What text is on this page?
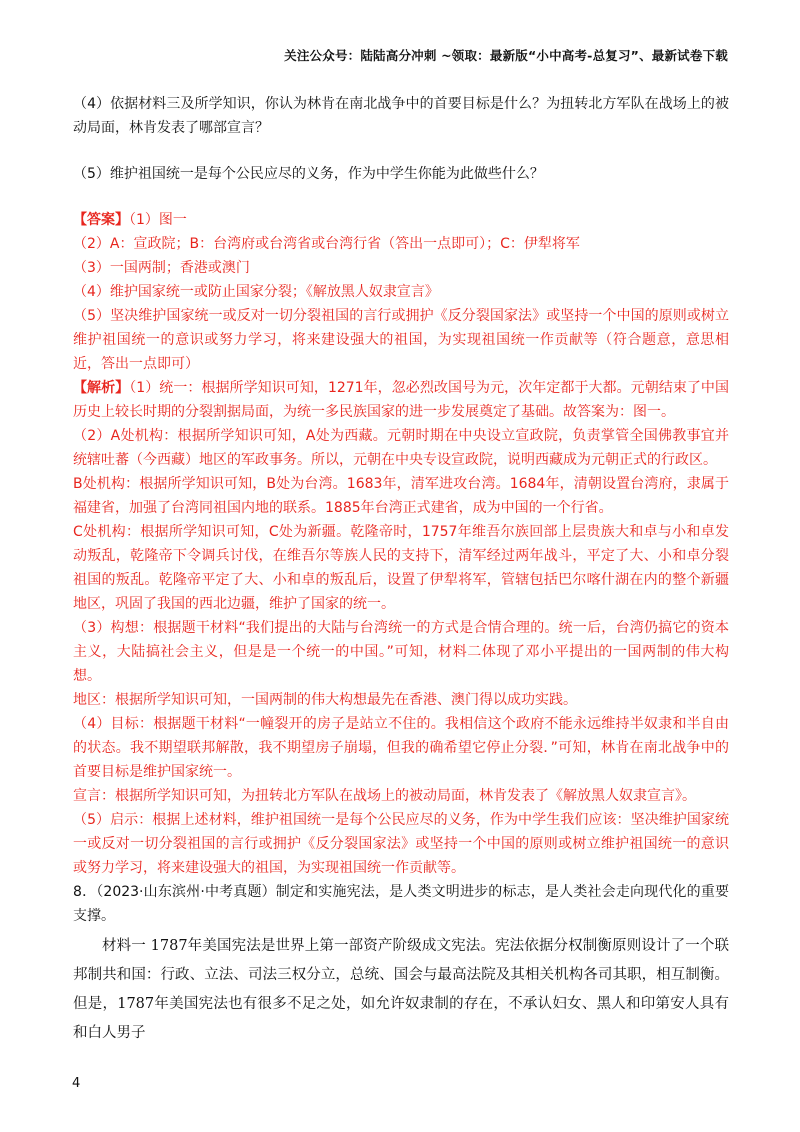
关注公众号：陆陆高分冲刺 ~领取：最新版“小中高考-总复习”、最新试卷下载

（4）依据材料三及所学知识，你认为林肯在南北战争中的首要目标是什么？为扭转北方军队在战场上的被动局面，林肯发表了哪部宣言？

（5）维护祖国统一是每个公民应尽的义务，作为中学生你能为此做些什么？

【答案】（1）图一

（2）A：宣政院；B：台湾府或台湾省或台湾行省（答出一点即可）；C：伊犁将军

（3）一国两制；香港或澳门

（4）维护国家统一或防止国家分裂；《解放黑人奴隶宣言》

（5）坚决维护国家统一或反对一切分裂祖国的言行或拥护《反分裂国家法》或坚持一个中国的原则或树立维护祖国统一的意识或努力学习，将来建设强大的祖国，为实现祖国统一作贡献等（符合题意，意思相近，答出一点即可）

【解析】（1）统一：根据所学知识可知，1271年，忽必烈改国号为元，次年定都于大都。元朝结束了中国历史上较长时期的分裂割据局面，为统一多民族国家的进一步发展奠定了基础。故答案为：图一。

（2）A处机构：根据所学知识可知，A处为西藏。元朝时期在中央设立宣政院，负责掌管全国佛教事宜并统辖吐蕃（今西藏）地区的军政事务。所以，元朝在中央专设宣政院，说明西藏成为元朝正式的行政区。

B处机构：根据所学知识可知，B处为台湾。1683年，清军进攻台湾。1684年，清朝设置台湾府，隶属于福建省，加强了台湾同祖国内地的联系。1885年台湾正式建省，成为中国的一个行省。

C处机构：根据所学知识可知，C处为新疆。乾隆帝时，1757年维吾尔族回部上层贵族大和卓与小和卓发动叛乱，乾隆帝下令调兵讨伐，在维吾尔等族人民的支持下，清军经过两年战斗，平定了大、小和卓分裂祖国的叛乱。乾隆帝平定了大、小和卓的叛乱后，设置了伊犁将军，管辖包括巴尔喀什湖在内的整个新疆地区，巩固了我国的西北边疆，维护了国家的统一。

（3）构想：根据题干材料“我们提出的大陆与台湾统一的方式是合情合理的。统一后，台湾仍搞它的资本主义，大陆搞社会主义，但是是一个统一的中国。”可知，材料二体现了邓小平提出的一国两制的伟大构想。

地区：根据所学知识可知，一国两制的伟大构想最先在香港、澳门得以成功实践。

（4）目标：根据题干材料“一幢裂开的房子是站立不住的。我相信这个政府不能永远维持半奴隶和半自由的状态。我不期望联邦解散，我不期望房子崩塌，但我的确希望它停止分裂．”可知，林肯在南北战争中的首要目标是维护国家统一。

宣言：根据所学知识可知，为扭转北方军队在战场上的被动局面，林肯发表了《解放黑人奴隶宣言》。

（5）启示：根据上述材料，维护祖国统一是每个公民应尽的义务，作为中学生我们应该：坚决维护国家统一或反对一切分裂祖国的言行或拥护《反分裂国家法》或坚持一个中国的原则或树立维护祖国统一的意识或努力学习，将来建设强大的祖国，为实现祖国统一作贡献等。

8．（2023·山东滨州·中考真题）制定和实施宪法，是人类文明进步的标志，是人类社会走向现代化的重要支撑。

材料一 1787年美国宪法是世界上第一部资产阶级成文宪法。宪法依据分权制衡原则设计了一个联邦制共和国：行政、立法、司法三权分立，总统、国会与最高法院及其相关机构各司其职，相互制衡。但是，1787年美国宪法也有很多不足之处，如允许奴隶制的存在，不承认妇女、黑人和印第安人具有和白人男子

4
